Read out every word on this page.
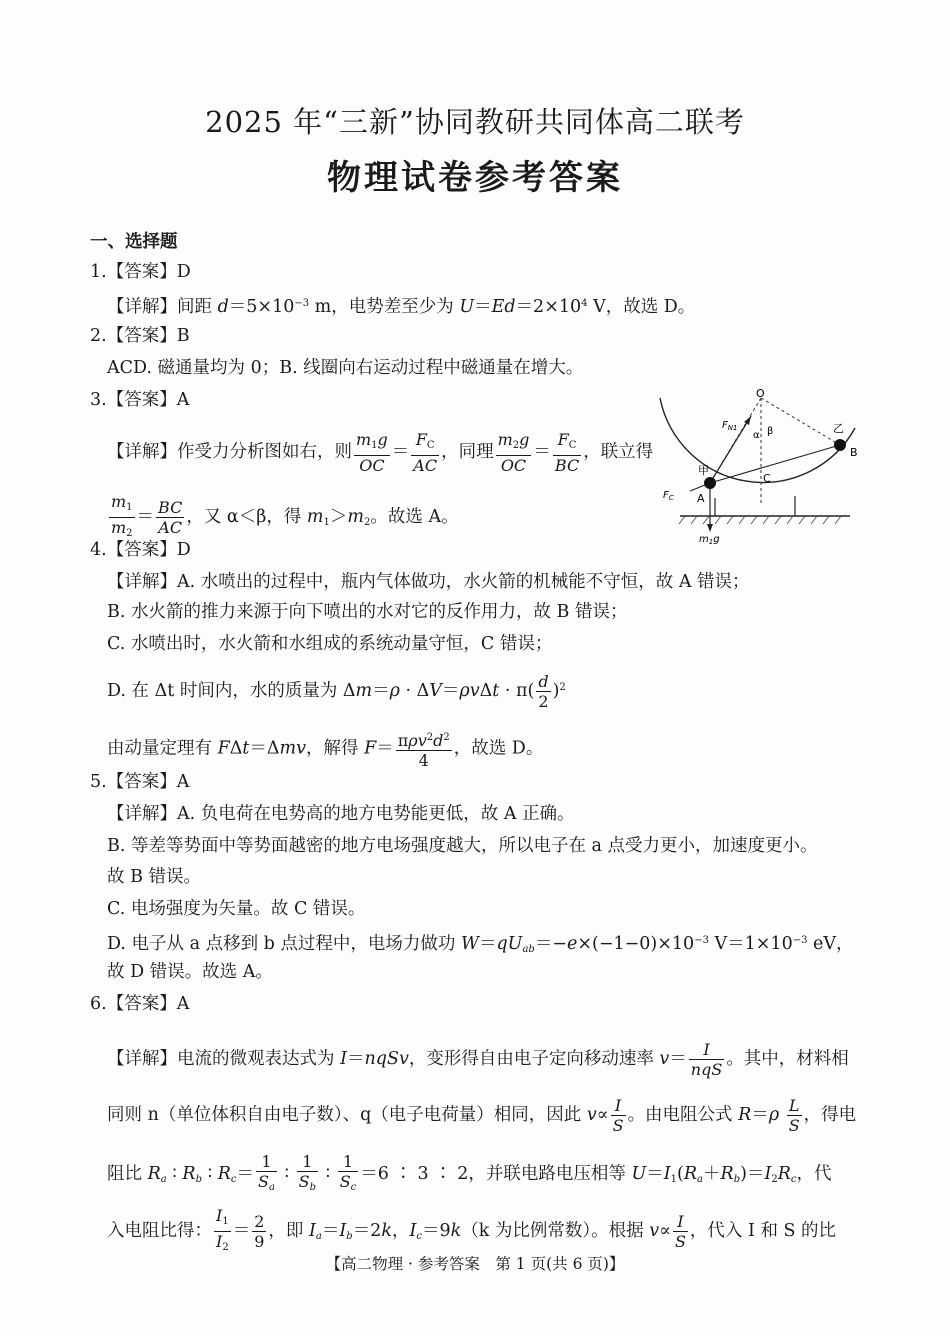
2025 年“三新”协同教研共同体高二联考
物理试卷参考答案
一、选择题
1.【答案】D
【详解】间距 $d=5\times 10^{-3}$ m，电势差至少为 $U=Ed=2\times 10^4$ V，故选 D。
2.【答案】B
ACD. 磁通量均为 0；B. 线圈向右运动过程中磁通量在增大。
3.【答案】A
【详解】作受力分析图如右，则 $\frac{m_1g}{OC} = \frac{F_C}{AC}$ ，同理 $\frac{m_2g}{OC} = \frac{F_C}{BC}$ ，联立得
$\frac{m_1}{m_2} = \frac{BC}{AC}$ ，又 α＜β，得 $m_1>m_2$。故选 A。
O
$F_{N1}$
α β	乙
B
甲
C
$F_C$ A
$m_1g$
4.【答案】D
【详解】A. 水喷出的过程中，瓶内气体做功，水火箭的机械能不守恒，故 A 错误；
B. 水火箭的推力来源于向下喷出的水对它的反作用力，故 B 错误；
C. 水喷出时，水火箭和水组成的系统动量守恒，C 错误；
D. 在 Δt 时间内，水的质量为 $\Delta m=\rho \cdot \Delta V=\rho v\Delta t \cdot \pi( \frac{d}{2} )^2$
由动量定理有 FΔt＝Δmv，解得 $F= \frac{\pi\rho v^2d^2}{4}$ ，故选 D。
5.【答案】A
【详解】A. 负电荷在电势高的地方电势能更低，故 A 正确。
B. 等差等势面中等势面越密的地方电场强度越大，所以电子在 a 点受力更小，加速度更小。
故 B 错误。
C. 电场强度为矢量。故 C 错误。
D. 电子从 a 点移到 b 点过程中，电场力做功 $W=qU_{ab}=-e\times(-1-0)\times 10^{-3}$ $V=1\times 10^{-3}$ eV，
故 D 错误。故选 A。
6.【答案】A
【详解】电流的微观表达式为 I＝nqSv，变形得自由电子定向移动速率 $v= \frac{I}{\text{nqS}}$ 。其中，材料相
同则 n（单位体积自由电子数）、q（电子电荷量）相同，因此 $v\propto \frac{I}{S}$ 。由电阻公式 $R=\rho \frac{L}{S}$ ，得电
阻比 $R_a$ ∶ $R_b$ ∶ $R_c= \frac{1}{S_a}$ ∶ $\frac{1}{S_b}$ ∶ $\frac{1}{S_c} =6$ ∶ 3 ∶ 2，并联电路电压相等 $U=I_1(R_a+R_b)=I_2R_c$，代
入电阻比得： $\frac{I_1}{I_2} = \frac{2}{9}$ ，即 $I_a=I_b=2k$，$I_c=9k(k$ 为比例常数）。根据 $v\propto \frac{I}{S}$ ，代入 I 和 S 的比
【高二物理 · 参考答案　第 1 页(共 6 页)】
